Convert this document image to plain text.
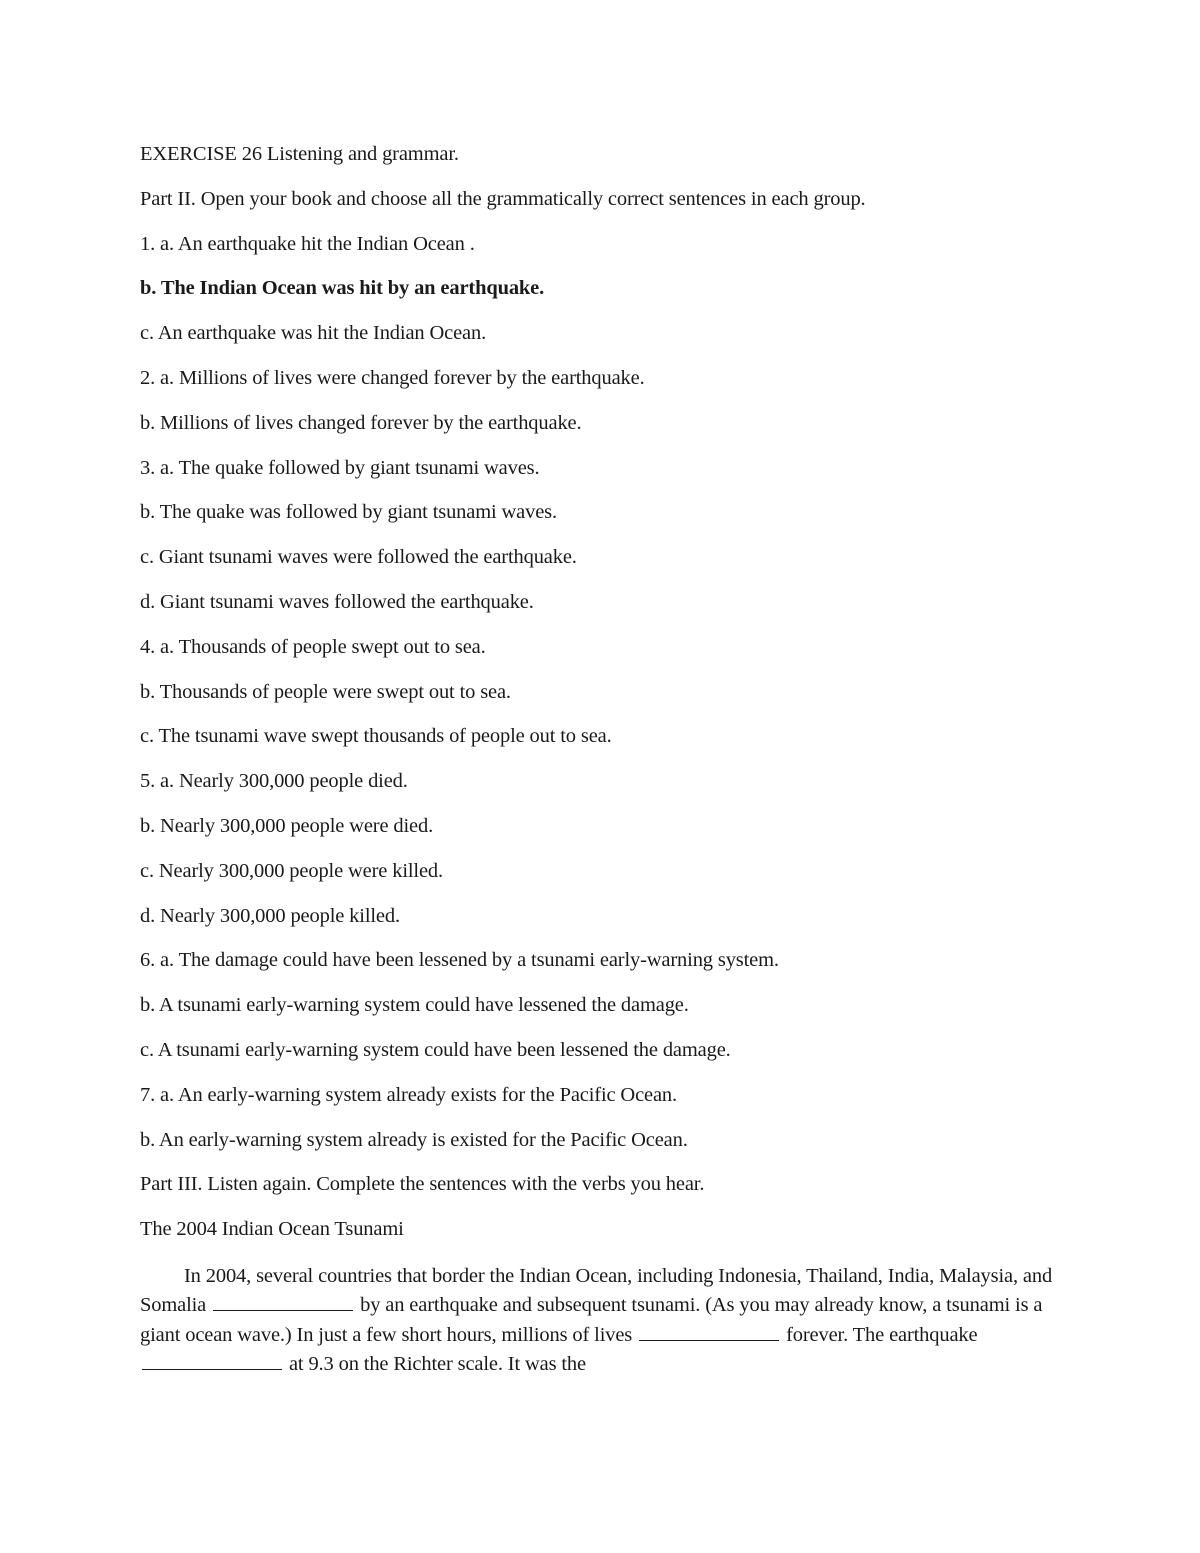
EXERCISE 26 Listening and grammar.
Part II. Open your book and choose all the grammatically correct sentences in each group.
1. a. An earthquake hit the Indian Ocean .
b. The Indian Ocean was hit by an earthquake.
c. An earthquake was hit the Indian Ocean.
2. a. Millions of lives were changed forever by the earthquake.
b. Millions of lives changed forever by the earthquake.
3. a. The quake followed by giant tsunami waves.
b. The quake was followed by giant tsunami waves.
c. Giant tsunami waves were followed the earthquake.
d. Giant tsunami waves followed the earthquake.
4. a. Thousands of people swept out to sea.
b. Thousands of people were swept out to sea.
c. The tsunami wave swept thousands of people out to sea.
5. a. Nearly 300,000 people died.
b. Nearly 300,000 people were died.
c. Nearly 300,000 people were killed.
d. Nearly 300,000 people killed.
6. a. The damage could have been lessened by a tsunami early-warning system.
b. A tsunami early-warning system could have lessened the damage.
c. A tsunami early-warning system could have been lessened the damage.
7. a. An early-warning system already exists for the Pacific Ocean.
b. An early-warning system already is existed for the Pacific Ocean.
Part III. Listen again. Complete the sentences with the verbs you hear.
The 2004 Indian Ocean Tsunami

In 2004, several countries that border the Indian Ocean, including Indonesia, Thailand, India, Malaysia, and Somalia	by an earthquake and subsequent tsunami. (As you may already know, a tsunami is a giant ocean wave.) In just a few short hours, millions of lives	forever. The earthquake  at 9.3 on the Richter scale. It was the
